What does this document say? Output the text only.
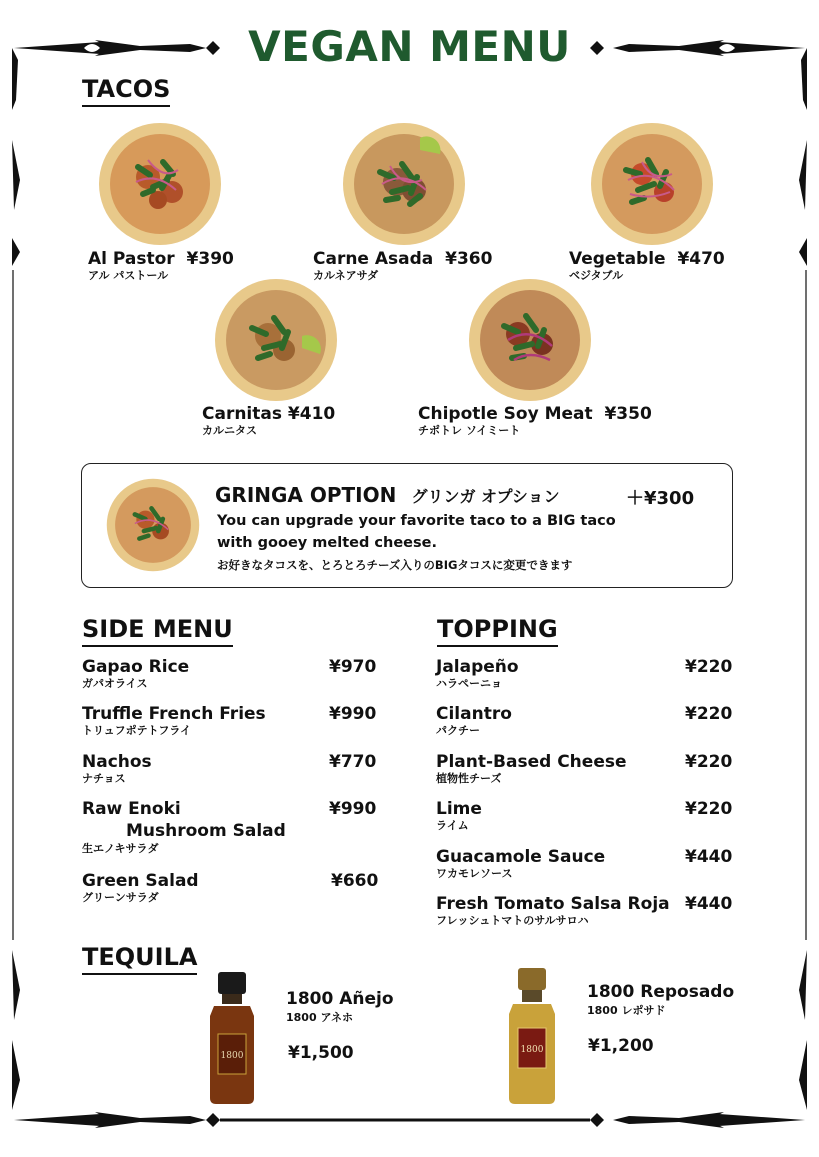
VEGAN MENU
TACOS
Al Pastor ¥390
アル パストール
Carne Asada ¥360
カルネアサダ
Vegetable ¥470
ベジタブル
Carnitas ¥410
カルニタス
Chipotle Soy Meat ¥350
チポトレ ソイミート
GRINGA OPTION グリンガ オプション	＋¥300
You can upgrade your favorite taco to a BIG taco
with gooey melted cheese.
お好きなタコスを、とろとろチーズ入りのBIGタコスに変更できます
SIDE MENU
Gapao Rice
ガパオライス
¥970
Truffle French Fries
トリュフポテトフライ
¥990
Nachos
ナチョス
¥770
Raw Enoki
Mushroom Salad
生エノキサラダ
¥990
Green Salad
グリーンサラダ
¥660
TOPPING
Jalapeño
ハラペーニョ
¥220
Cilantro
パクチー
¥220
Plant-Based Cheese
植物性チーズ
¥220
Lime
ライム
¥220
Guacamole Sauce
ワカモレソース
¥440
Fresh Tomato Salsa Roja
フレッシュトマトのサルサロハ
¥440
TEQUILA
1800
1800 Añejo
1800 アネホ
¥1,500	1800
1800 Reposado
1800 レポサド
¥1,200
